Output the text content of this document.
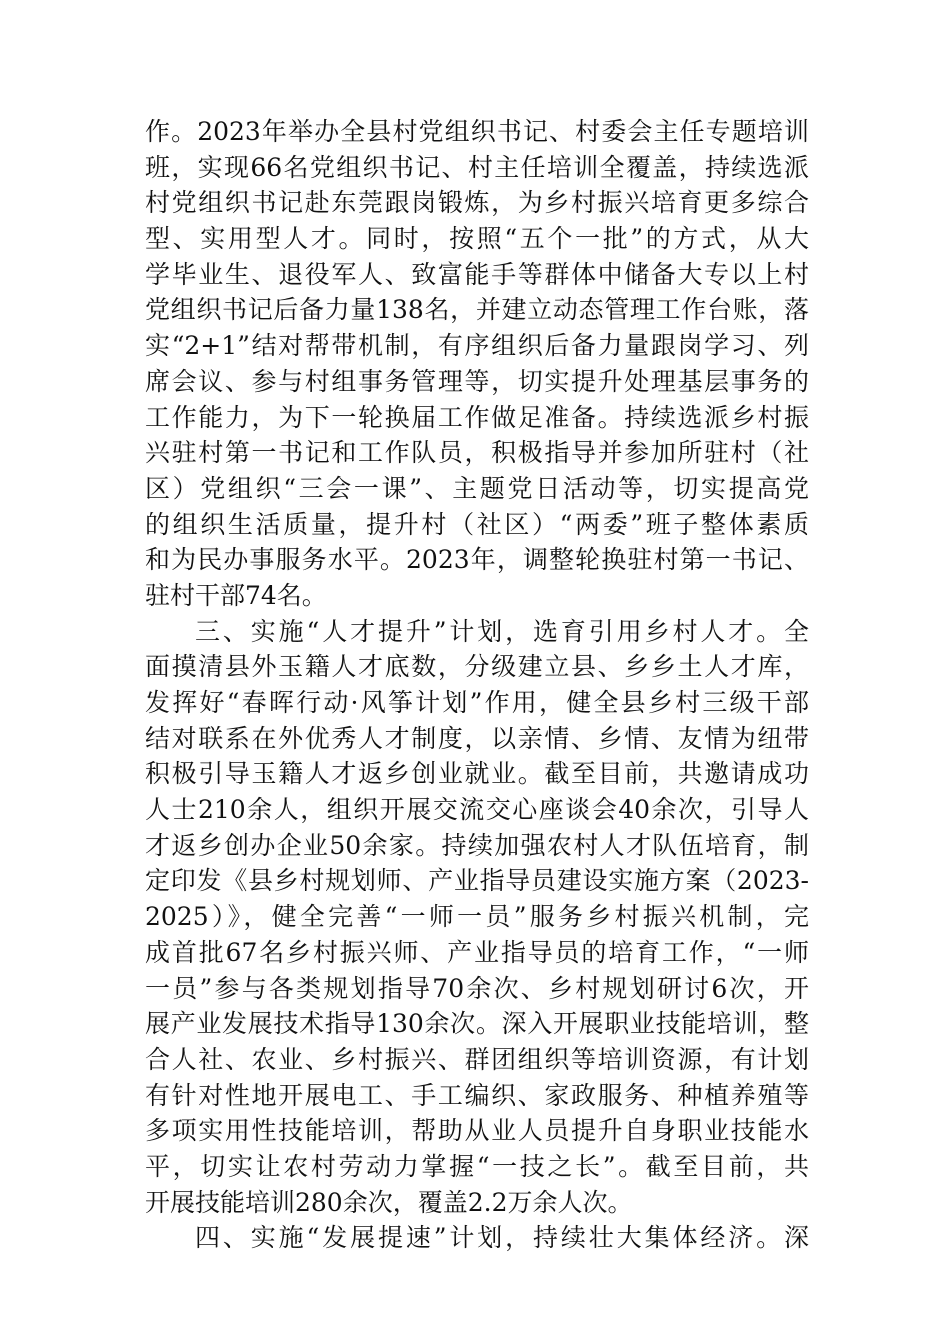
作。2023年举办全县村党组织书记、村委会主任专题培训
班，实现66名党组织书记、村主任培训全覆盖，持续选派
村党组织书记赴东莞跟岗锻炼，为乡村振兴培育更多综合
型、实用型人才。同时，按照“五个一批”的方式，从大
学毕业生、退役军人、致富能手等群体中储备大专以上村
党组织书记后备力量138名，并建立动态管理工作台账，落
实“2+1”结对帮带机制，有序组织后备力量跟岗学习、列
席会议、参与村组事务管理等，切实提升处理基层事务的
工作能力，为下一轮换届工作做足准备。持续选派乡村振
兴驻村第一书记和工作队员，积极指导并参加所驻村（社
区）党组织“三会一课”、主题党日活动等，切实提高党
的组织生活质量，提升村（社区）“两委”班子整体素质
和为民办事服务水平。2023年，调整轮换驻村第一书记、
驻村干部74名。
三、实施“人才提升”计划，选育引用乡村人才。全
面摸清县外玉籍人才底数，分级建立县、乡乡土人才库，
发挥好“春晖行动·风筝计划”作用，健全县乡村三级干部
结对联系在外优秀人才制度，以亲情、乡情、友情为纽带
积极引导玉籍人才返乡创业就业。截至目前，共邀请成功
人士210余人，组织开展交流交心座谈会40余次，引导人
才返乡创办企业50余家。持续加强农村人才队伍培育，制
定印发《县乡村规划师、产业指导员建设实施方案（2023-
2025）》，健全完善“一师一员”服务乡村振兴机制，完
成首批67名乡村振兴师、产业指导员的培育工作，“一师
一员”参与各类规划指导70余次、乡村规划研讨6次，开
展产业发展技术指导130余次。深入开展职业技能培训，整
合人社、农业、乡村振兴、群团组织等培训资源，有计划
有针对性地开展电工、手工编织、家政服务、种植养殖等
多项实用性技能培训，帮助从业人员提升自身职业技能水
平，切实让农村劳动力掌握“一技之长”。截至目前，共
开展技能培训280余次，覆盖2.2万余人次。
四、实施“发展提速”计划，持续壮大集体经济。深
